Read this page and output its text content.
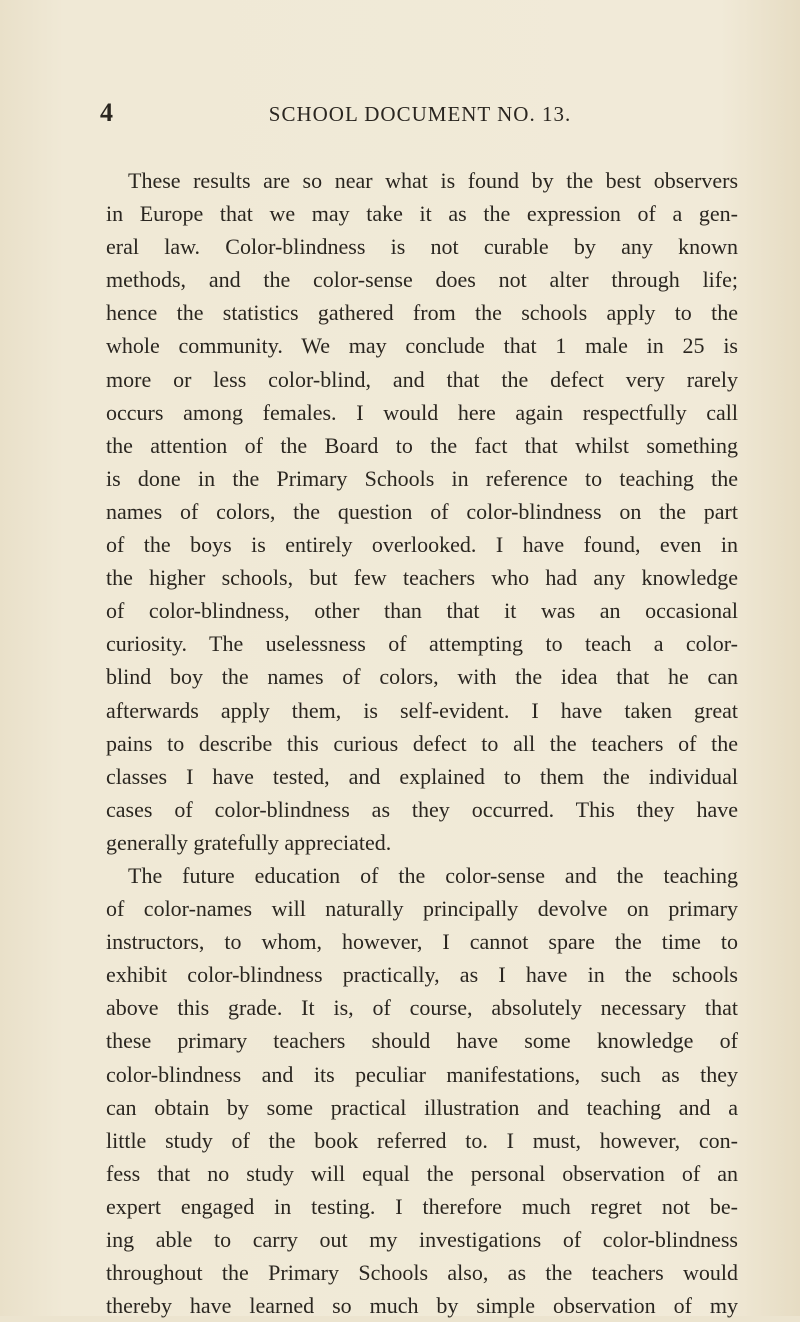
4	SCHOOL DOCUMENT NO. 13.
These results are so near what is found by the best observers
in Europe that we may take it as the expression of a gen-
eral law. Color-blindness is not curable by any known
methods, and the color-sense does not alter through life;
hence the statistics gathered from the schools apply to the
whole community. We may conclude that 1 male in 25 is
more or less color-blind, and that the defect very rarely
occurs among females. I would here again respectfully call
the attention of the Board to the fact that whilst something
is done in the Primary Schools in reference to teaching the
names of colors, the question of color-blindness on the part
of the boys is entirely overlooked. I have found, even in
the higher schools, but few teachers who had any knowledge
of color-blindness, other than that it was an occasional
curiosity. The uselessness of attempting to teach a color-
blind boy the names of colors, with the idea that he can
afterwards apply them, is self-evident. I have taken great
pains to describe this curious defect to all the teachers of the
classes I have tested, and explained to them the individual
cases of color-blindness as they occurred. This they have
generally gratefully appreciated.
The future education of the color-sense and the teaching
of color-names will naturally principally devolve on primary
instructors, to whom, however, I cannot spare the time to
exhibit color-blindness practically, as I have in the schools
above this grade. It is, of course, absolutely necessary that
these primary teachers should have some knowledge of
color-blindness and its peculiar manifestations, such as they
can obtain by some practical illustration and teaching and a
little study of the book referred to. I must, however, con-
fess that no study will equal the personal observation of an
expert engaged in testing. I therefore much regret not be-
ing able to carry out my investigations of color-blindness
throughout the Primary Schools also, as the teachers would
thereby have learned so much by simple observation of my
